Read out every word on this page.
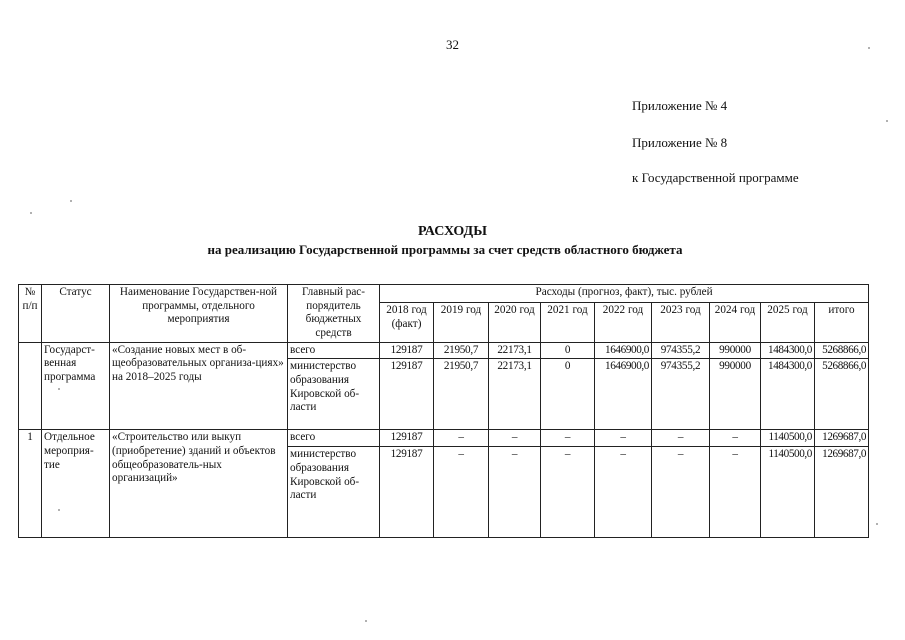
32
Приложение № 4
Приложение № 8
к Государственной программе
РАСХОДЫ
на реализацию Государственной программы за счет средств областного бюджета
№ п/п	Статус	Наименование Государствен-ной программы, отдельного мероприятия	Главный рас-порядитель бюджетных средств	Расходы (прогноз, факт), тыс. рублей								
				2018 год (факт)	2019 год	2020 год	2021 год	2022 год	2023 год	2024 год	2025 год	итого
	Государст-венная программа	«Создание новых мест в об-щеобразовательных организа-циях» на 2018–2025 годы	всего	129187	21950,7	22173,1	0	1646900,0	974355,2	990000	1484300,0	5268866,0
			министерство образования Кировской об-ласти	129187	21950,7	22173,1	0	1646900,0	974355,2	990000	1484300,0	5268866,0
1	Отдельное мероприя-тие	«Строительство или выкуп (приобретение) зданий и объектов общеобразователь-ных организаций»	всего	129187	–	–	–	–	–	–	1140500,0	1269687,0
			министерство образования Кировской об-ласти	129187	–	–	–	–	–	–	1140500,0	1269687,0
